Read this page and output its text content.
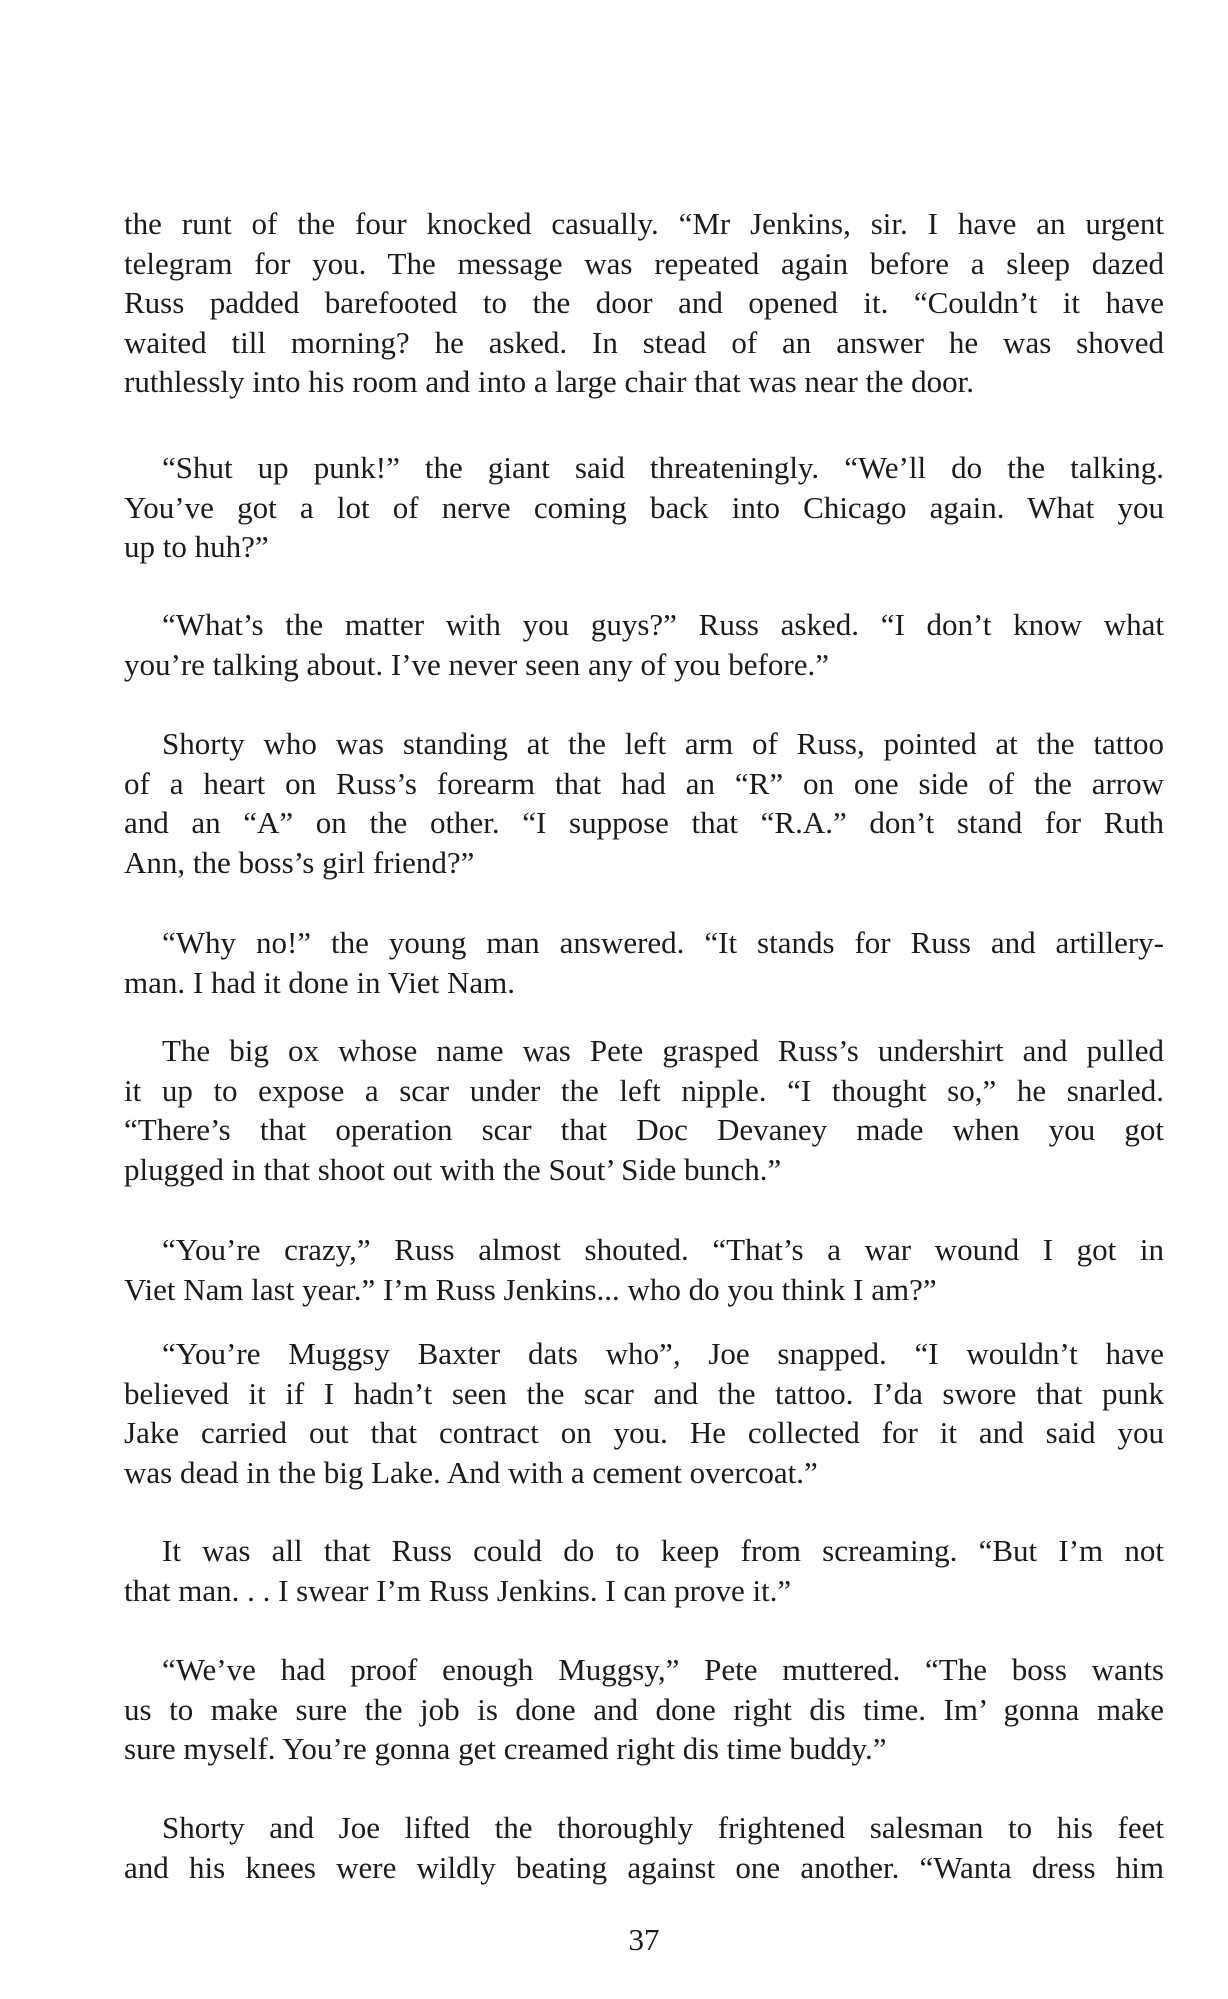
the runt of the four knocked casually. “Mr Jenkins, sir. I have an urgent
telegram for you. The message was repeated again before a sleep dazed
Russ padded barefooted to the door and opened it. “Couldn’t it have
waited till morning? he asked. In stead of an answer he was shoved
ruthlessly into his room and into a large chair that was near the door.
“Shut up punk!” the giant said threateningly. “We’ll do the talking.
You’ve got a lot of nerve coming back into Chicago again. What you
up to huh?”
“What’s the matter with you guys?” Russ asked. “I don’t know what
you’re talking about. I’ve never seen any of you before.”
Shorty who was standing at the left arm of Russ, pointed at the tattoo
of a heart on Russ’s forearm that had an “R” on one side of the arrow
and an “A” on the other. “I suppose that “R.A.” don’t stand for Ruth
Ann, the boss’s girl friend?”
“Why no!” the young man answered. “It stands for Russ and artillery-
man. I had it done in Viet Nam.
The big ox whose name was Pete grasped Russ’s undershirt and pulled
it up to expose a scar under the left nipple. “I thought so,” he snarled.
“There’s that operation scar that Doc Devaney made when you got
plugged in that shoot out with the Sout’ Side bunch.”
“You’re crazy,” Russ almost shouted. “That’s a war wound I got in
Viet Nam last year.” I’m Russ Jenkins... who do you think I am?”
“You’re Muggsy Baxter dats who”, Joe snapped. “I wouldn’t have
believed it if I hadn’t seen the scar and the tattoo. I’da swore that punk
Jake carried out that contract on you. He collected for it and said you
was dead in the big Lake. And with a cement overcoat.”
It was all that Russ could do to keep from screaming. “But I’m not
that man. . . I swear I’m Russ Jenkins. I can prove it.”
“We’ve had proof enough Muggsy,” Pete muttered. “The boss wants
us to make sure the job is done and done right dis time. Im’ gonna make
sure myself. You’re gonna get creamed right dis time buddy.”
Shorty and Joe lifted the thoroughly frightened salesman to his feet
and his knees were wildly beating against one another. “Wanta dress him
37
